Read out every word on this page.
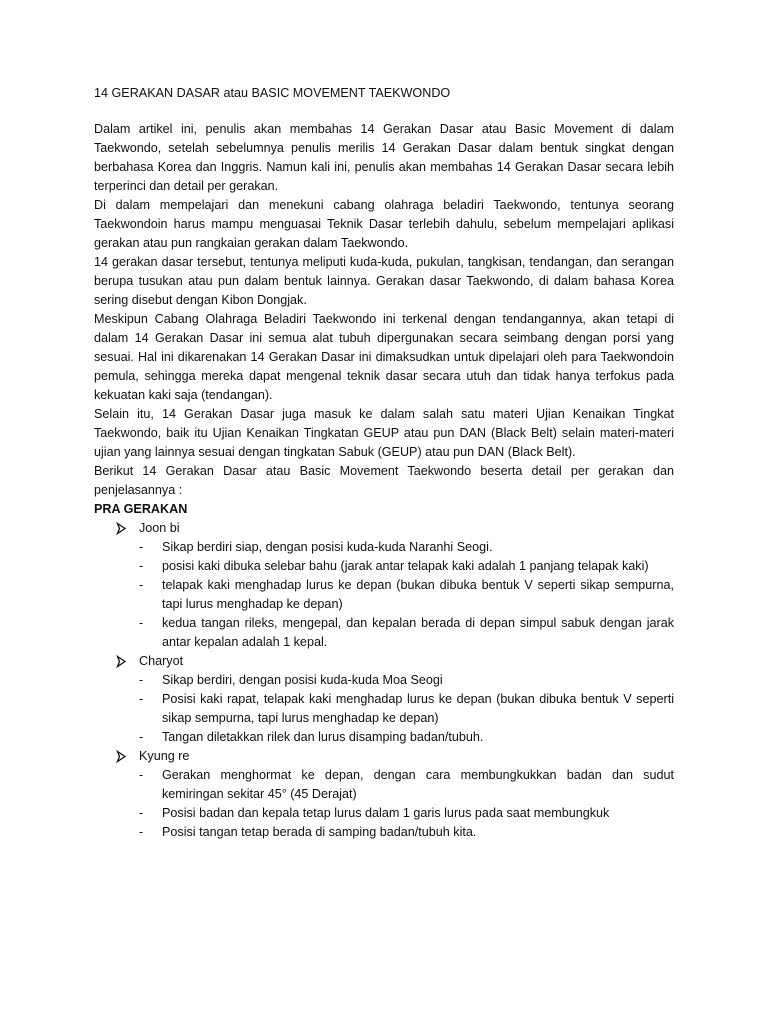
14 GERAKAN DASAR atau BASIC MOVEMENT TAEKWONDO

Dalam artikel ini, penulis akan membahas 14 Gerakan Dasar atau Basic Movement di dalam Taekwondo, setelah sebelumnya penulis merilis 14 Gerakan Dasar dalam bentuk singkat dengan berbahasa Korea dan Inggris. Namun kali ini, penulis akan membahas 14 Gerakan Dasar secara lebih terperinci dan detail per gerakan.

Di dalam mempelajari dan menekuni cabang olahraga beladiri Taekwondo, tentunya seorang Taekwondoin harus mampu menguasai Teknik Dasar terlebih dahulu, sebelum mempelajari aplikasi gerakan atau pun rangkaian gerakan dalam Taekwondo.

14 gerakan dasar tersebut, tentunya meliputi kuda-kuda, pukulan, tangkisan, tendangan, dan serangan berupa tusukan atau pun dalam bentuk lainnya. Gerakan dasar Taekwondo, di dalam bahasa Korea sering disebut dengan Kibon Dongjak.

Meskipun Cabang Olahraga Beladiri Taekwondo ini terkenal dengan tendangannya, akan tetapi di dalam 14 Gerakan Dasar ini semua alat tubuh dipergunakan secara seimbang dengan porsi yang sesuai. Hal ini dikarenakan 14 Gerakan Dasar ini dimaksudkan untuk dipelajari oleh para Taekwondoin pemula, sehingga mereka dapat mengenal teknik dasar secara utuh dan tidak hanya terfokus pada kekuatan kaki saja (tendangan).

Selain itu, 14 Gerakan Dasar juga masuk ke dalam salah satu materi Ujian Kenaikan Tingkat Taekwondo, baik itu Ujian Kenaikan Tingkatan GEUP atau pun DAN (Black Belt) selain materi-materi ujian yang lainnya sesuai dengan tingkatan Sabuk (GEUP) atau pun DAN (Black Belt).

Berikut 14 Gerakan Dasar atau Basic Movement Taekwondo beserta detail per gerakan dan penjelasannya :

PRA GERAKAN

Joon bi

- Sikap berdiri siap, dengan posisi kuda-kuda Naranhi Seogi.
- posisi kaki dibuka selebar bahu (jarak antar telapak kaki adalah 1 panjang telapak kaki)
- telapak kaki menghadap lurus ke depan (bukan dibuka bentuk V seperti sikap sempurna, tapi lurus menghadap ke depan)
- kedua tangan rileks, mengepal, dan kepalan berada di depan simpul sabuk dengan jarak antar kepalan adalah 1 kepal.

Charyot

- Sikap berdiri, dengan posisi kuda-kuda Moa Seogi
- Posisi kaki rapat, telapak kaki menghadap lurus ke depan (bukan dibuka bentuk V seperti sikap sempurna, tapi lurus menghadap ke depan)
- Tangan diletakkan rilek dan lurus disamping badan/tubuh.

Kyung re

- Gerakan menghormat ke depan, dengan cara membungkukkan badan dan sudut kemiringan sekitar 45° (45 Derajat)
- Posisi badan dan kepala tetap lurus dalam 1 garis lurus pada saat membungkuk
- Posisi tangan tetap berada di samping badan/tubuh kita.
